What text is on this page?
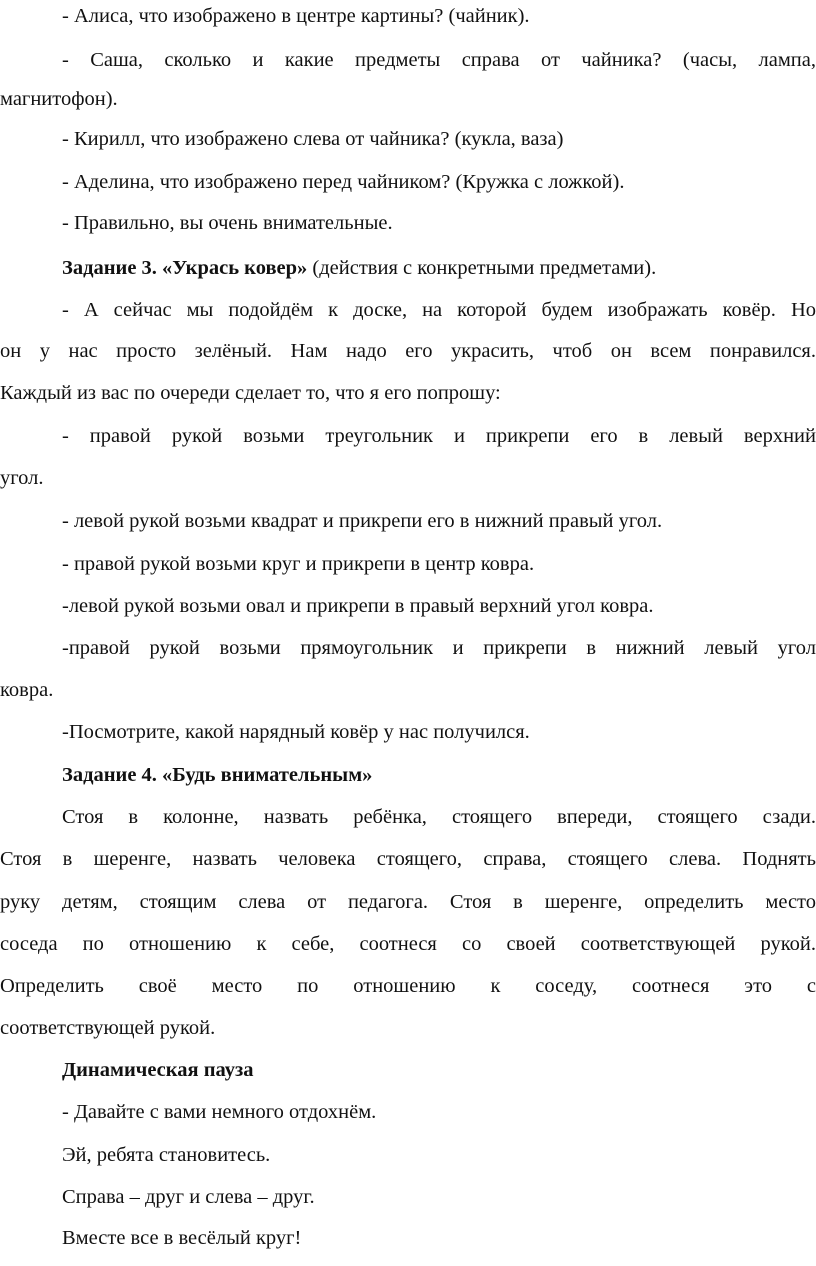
- Алиса, что изображено в центре картины? (чайник).
- Саша, сколько и какие предметы справа от чайника? (часы, лампа,
магнитофон).
- Кирилл, что изображено слева от чайника? (кукла, ваза)
- Аделина, что изображено перед чайником? (Кружка с ложкой).
- Правильно, вы очень внимательные.
Задание 3. «Укрась ковер» (действия с конкретными предметами).
- А сейчас мы подойдём к доске, на которой будем изображать ковёр. Но
он у нас просто зелёный. Нам надо его украсить, чтоб он всем понравился.
Каждый из вас по очереди сделает то, что я его попрошу:
- правой рукой возьми треугольник и прикрепи его в левый верхний
угол.
- левой рукой возьми квадрат и прикрепи его в нижний правый угол.
- правой рукой возьми круг и прикрепи в центр ковра.
-левой рукой возьми овал и прикрепи в правый верхний угол ковра.
-правой рукой возьми прямоугольник и прикрепи в нижний левый угол
ковра.
-Посмотрите, какой нарядный ковёр у нас получился.
Задание 4. «Будь внимательным»
Стоя в колонне, назвать ребёнка, стоящего впереди, стоящего сзади.
Стоя в шеренге, назвать человека стоящего, справа, стоящего слева. Поднять
руку детям, стоящим слева от педагога. Стоя в шеренге, определить место
соседа по отношению к себе, соотнеся со своей соответствующей рукой.
Определить своё место по отношению к соседу, соотнеся это с
соответствующей рукой.
Динамическая пауза
- Давайте с вами немного отдохнём.
Эй, ребята становитесь.
Справа – друг и слева – друг.
Вместе все в весёлый круг!
